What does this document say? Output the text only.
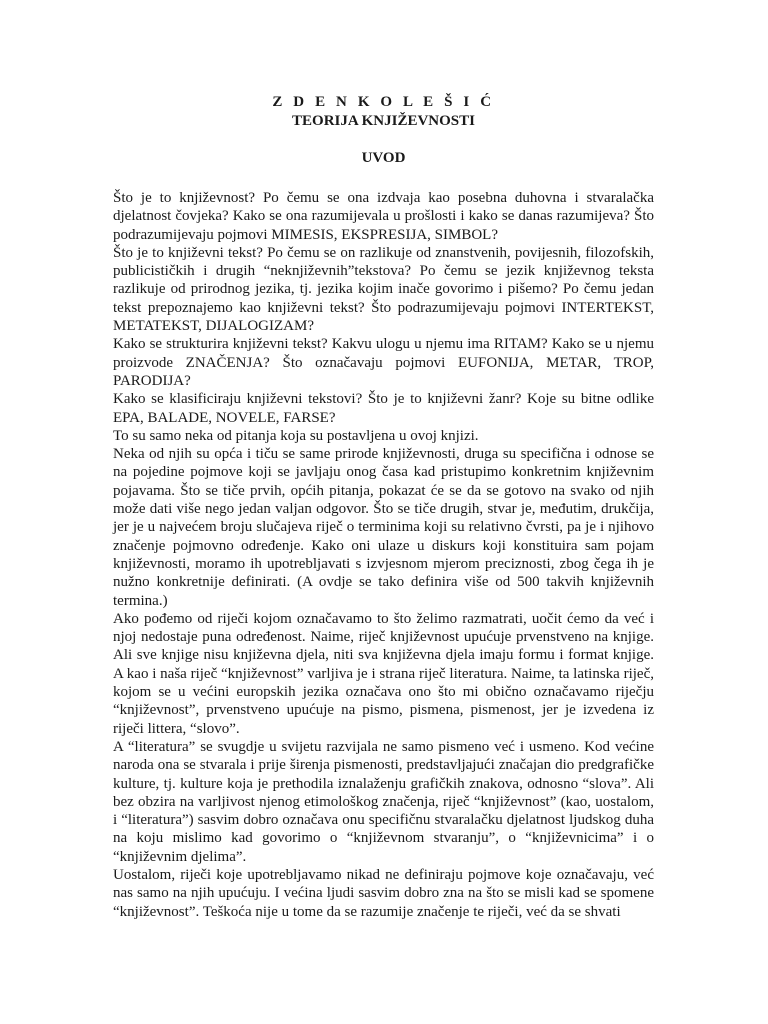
Z D E N K O L E Š I Ć

TEORIJA KNJIŽEVNOSTI

UVOD

Što je to književnost? Po čemu se ona izdvaja kao posebna duhovna i stvaralačka djelatnost čovjeka? Kako se ona razumijevala u prošlosti i kako se danas razumijeva? Što podrazumijevaju pojmovi MIMESIS, EKSPRESIJA, SIMBOL?

Što je to književni tekst? Po čemu se on razlikuje od znanstvenih, povijesnih, filozofskih, publicističkih i drugih “neknjiževnih”tekstova? Po čemu se jezik književnog teksta razlikuje od prirodnog jezika, tj. jezika kojim inače govorimo i pišemo? Po čemu jedan tekst prepoznajemo kao književni tekst? Što podrazumijevaju pojmovi INTERTEKST, METATEKST, DIJALOGIZAM?

Kako se strukturira književni tekst? Kakvu ulogu u njemu ima RITAM? Kako se u njemu proizvode ZNAČENJA? Što označavaju pojmovi EUFONIJA, METAR, TROP, PARODIJA?

Kako se klasificiraju književni tekstovi? Što je to književni žanr? Koje su bitne odlike EPA, BALADE, NOVELE, FARSE?

To su samo neka od pitanja koja su postavljena u ovoj knjizi.

Neka od njih su opća i tiču se same prirode književnosti, druga su specifična i odnose se na pojedine pojmove koji se javljaju onog časa kad pristupimo konkretnim književnim pojavama. Što se tiče prvih, općih pitanja, pokazat će se da se gotovo na svako od njih može dati više nego jedan valjan odgovor. Što se tiče drugih, stvar je, međutim, drukčija, jer je u najvećem broju slučajeva riječ o terminima koji su relativno čvrsti, pa je i njihovo značenje pojmovno određenje. Kako oni ulaze u diskurs koji konstituira sam pojam književnosti, moramo ih upotrebljavati s izvjesnom mjerom preciznosti, zbog čega ih je nužno konkretnije definirati. (A ovdje se tako definira više od 500 takvih književnih termina.)

Ako pođemo od riječi kojom označavamo to što želimo razmatrati, uočit ćemo da već i njoj nedostaje puna određenost. Naime, riječ književnost upućuje prvenstveno na knjige. Ali sve knjige nisu književna djela, niti sva književna djela imaju formu i format knjige. A kao i naša riječ “književnost” varljiva je i strana riječ literatura. Naime, ta latinska riječ, kojom se u većini europskih jezika označava ono što mi obično označavamo riječju “književnost”, prvenstveno upućuje na pismo, pismena, pismenost, jer je izvedena iz riječi littera, “slovo”.

A “literatura” se svugdje u svijetu razvijala ne samo pismeno već i usmeno. Kod većine naroda ona se stvarala i prije širenja pismenosti, predstavljajući značajan dio predgrafičke kulture, tj. kulture koja je prethodila iznalaženju grafičkih znakova, odnosno “slova”. Ali bez obzira na varljivost njenog etimološkog značenja, riječ “književnost” (kao, uostalom, i “literatura”) sasvim dobro označava onu specifičnu stvaralačku djelatnost ljudskog duha na koju mislimo kad govorimo o “književnom stvaranju”, o “književnicima” i o “književnim djelima”.

Uostalom, riječi koje upotrebljavamo nikad ne definiraju pojmove koje označavaju, već nas samo na njih upućuju. I većina ljudi sasvim dobro zna na što se misli kad se spomene “književnost”. Teškoća nije u tome da se razumije značenje te riječi, već da se shvati
